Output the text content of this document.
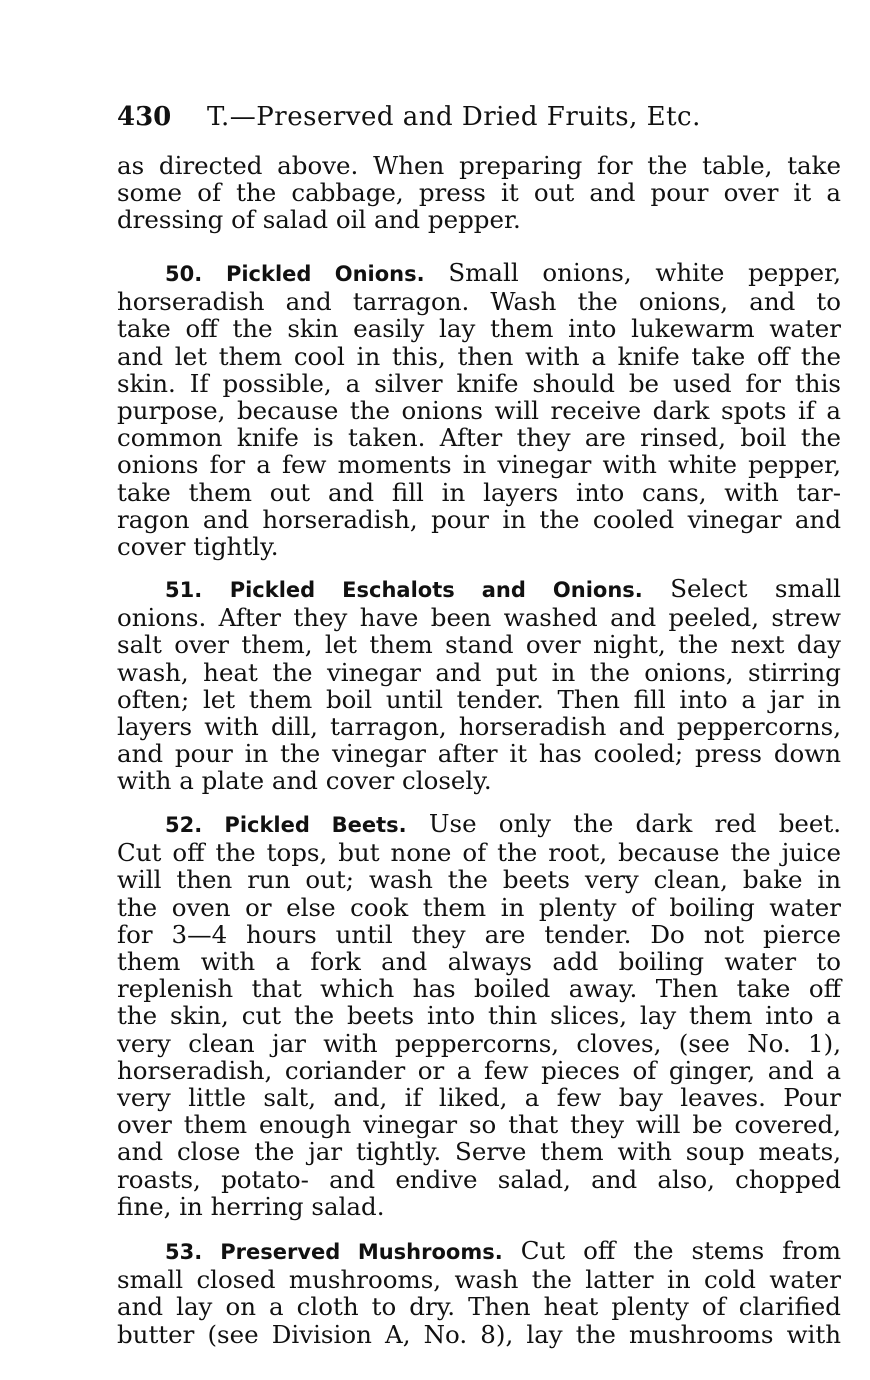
430 T.—Preserved and Dried Fruits, Etc.

as directed above. When preparing for the table, take
some of the cabbage, press it out and pour over it a
dressing of salad oil and pepper.

50. Pickled Onions. Small onions, white pepper,
horseradish and tarragon. Wash the onions, and to
take off the skin easily lay them into lukewarm water
and let them cool in this, then with a knife take off the
skin. If possible, a silver knife should be used for this
purpose, because the onions will receive dark spots if a
common knife is taken. After they are rinsed, boil the
onions for a few moments in vinegar with white pepper,
take them out and fill in layers into cans, with tar-
ragon and horseradish, pour in the cooled vinegar and
cover tightly.

51. Pickled Eschalots and Onions. Select small
onions. After they have been washed and peeled, strew
salt over them, let them stand over night, the next day
wash, heat the vinegar and put in the onions, stirring
often; let them boil until tender. Then fill into a jar in
layers with dill, tarragon, horseradish and peppercorns,
and pour in the vinegar after it has cooled; press down
with a plate and cover closely.

52. Pickled Beets. Use only the dark red beet.
Cut off the tops, but none of the root, because the juice
will then run out; wash the beets very clean, bake in
the oven or else cook them in plenty of boiling water
for 3—4 hours until they are tender. Do not pierce
them with a fork and always add boiling water to
replenish that which has boiled away. Then take off
the skin, cut the beets into thin slices, lay them into a
very clean jar with peppercorns, cloves, (see No. 1),
horseradish, coriander or a few pieces of ginger, and a
very little salt, and, if liked, a few bay leaves. Pour
over them enough vinegar so that they will be covered,
and close the jar tightly. Serve them with soup meats,
roasts, potato- and endive salad, and also, chopped
fine, in herring salad.

53. Preserved Mushrooms. Cut off the stems from
small closed mushrooms, wash the latter in cold water
and lay on a cloth to dry. Then heat plenty of clarified
butter (see Division A, No. 8), lay the mushrooms with
